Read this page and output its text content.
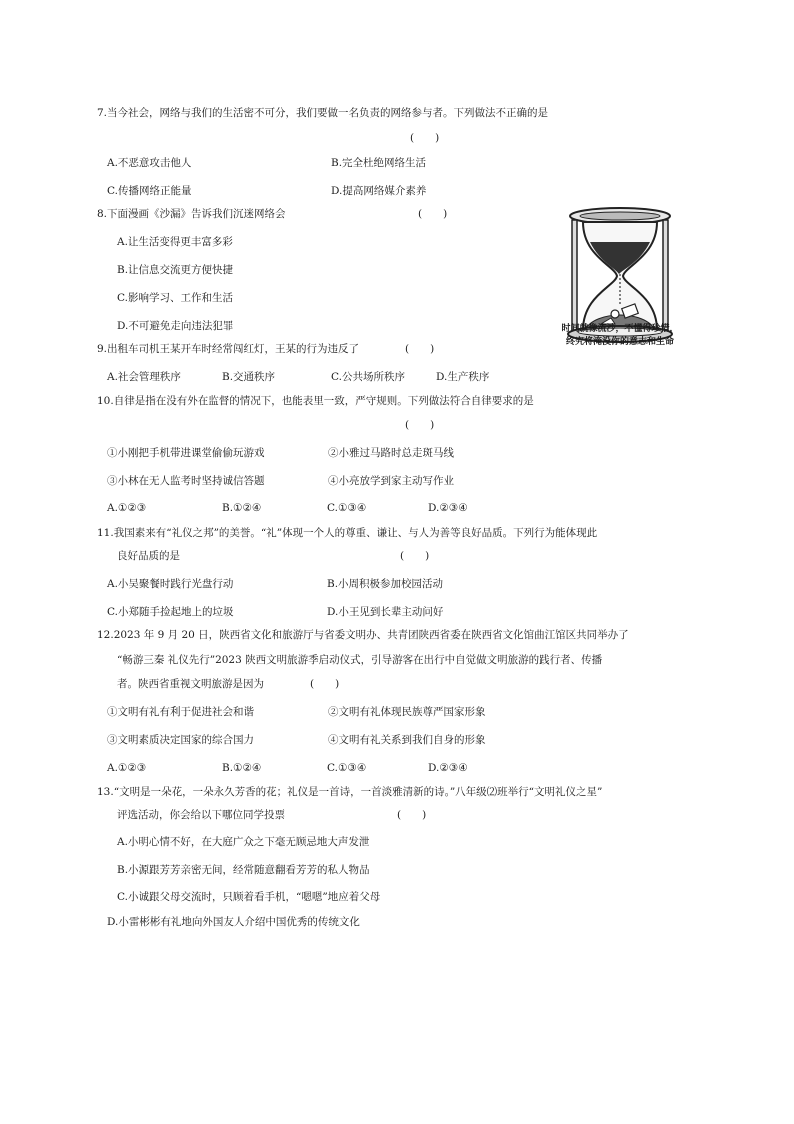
7.当今社会，网络与我们的生活密不可分，我们要做一名负责的网络参与者。下列做法不正确的是
(　　)
A.不恶意攻击他人	B.完全杜绝网络生活
C.传播网络正能量	D.提高网络媒介素养
8.下面漫画《沙漏》告诉我们沉迷网络会	(　　)
A.让生活变得更丰富多彩
B.让信息交流更方便快捷
C.影响学习、工作和生活
D.不可避免走向违法犯罪	时间就像流沙，不懂得珍惜，
终究将淹没你的意志和生命
9.出租车司机王某开车时经常闯红灯，王某的行为违反了	(　　)
A.社会管理秩序	B.交通秩序	C.公共场所秩序	D.生产秩序
10.自律是指在没有外在监督的情况下，也能表里一致，严守规则。下列做法符合自律要求的是
(　　)
①小刚把手机带进课堂偷偷玩游戏	②小雅过马路时总走斑马线
③小林在无人监考时坚持诚信答题	④小亮放学到家主动写作业
A.①②③	B.①②④	C.①③④	D.②③④
11.我国素来有“礼仪之邦”的美誉。“礼”体现一个人的尊重、谦让、与人为善等良好品质。下列行为能体现此
良好品质的是	(　　)
A.小吴聚餐时践行光盘行动	B.小周积极参加校园活动
C.小郑随手捡起地上的垃圾	D.小王见到长辈主动问好
12.2023 年 9 月 20 日，陕西省文化和旅游厅与省委文明办、共青团陕西省委在陕西省文化馆曲江馆区共同举办了
“畅游三秦 礼仪先行”2023 陕西文明旅游季启动仪式，引导游客在出行中自觉做文明旅游的践行者、传播
者。陕西省重视文明旅游是因为	(　　)
①文明有礼有利于促进社会和谐	②文明有礼体现民族尊严国家形象
③文明素质决定国家的综合国力	④文明有礼关系到我们自身的形象
A.①②③	B.①②④	C.①③④	D.②③④
13.“文明是一朵花，一朵永久芳香的花；礼仪是一首诗，一首淡雅清新的诗。”八年级⑵班举行“文明礼仪之星”
评选活动，你会给以下哪位同学投票	(　　)
A.小明心情不好，在大庭广众之下毫无顾忌地大声发泄
B.小源跟芳芳亲密无间，经常随意翻看芳芳的私人物品
C.小诚跟父母交流时，只顾着看手机，“嗯嗯”地应着父母
D.小雷彬彬有礼地向外国友人介绍中国优秀的传统文化
